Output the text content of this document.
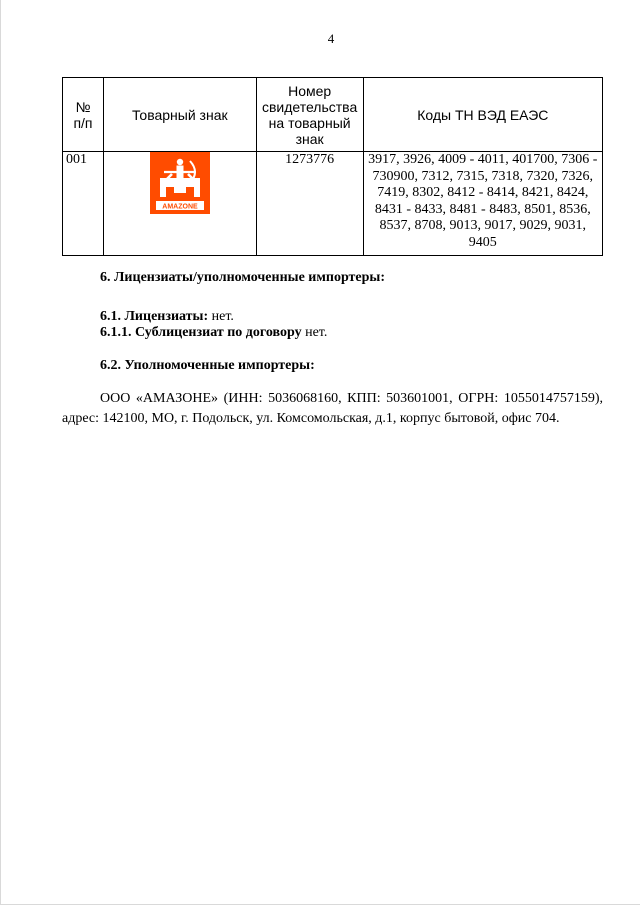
4
№
п/п	Товарный знак	Номер свидетельства на товарный знак	Коды ТН ВЭД ЕАЭС
001	AMAZONE	1273776	3917, 3926, 4009 - 4011, 401700, 7306 - 730900, 7312, 7315, 7318, 7320, 7326, 7419, 8302, 8412 - 8414, 8421, 8424, 8431 - 8433, 8481 - 8483, 8501, 8536, 8537, 8708, 9013, 9017, 9029, 9031, 9405
6. Лицензиаты/уполномоченные импортеры:
6.1. Лицензиаты: нет.
6.1.1. Сублицензиат по договору нет.
6.2. Уполномоченные импортеры:
ООО «АМАЗОНЕ» (ИНН: 5036068160, КПП: 503601001, ОГРН: 1055014757159), адрес: 142100, МО, г. Подольск, ул. Комсомольская, д.1, корпус бытовой, офис 704.
